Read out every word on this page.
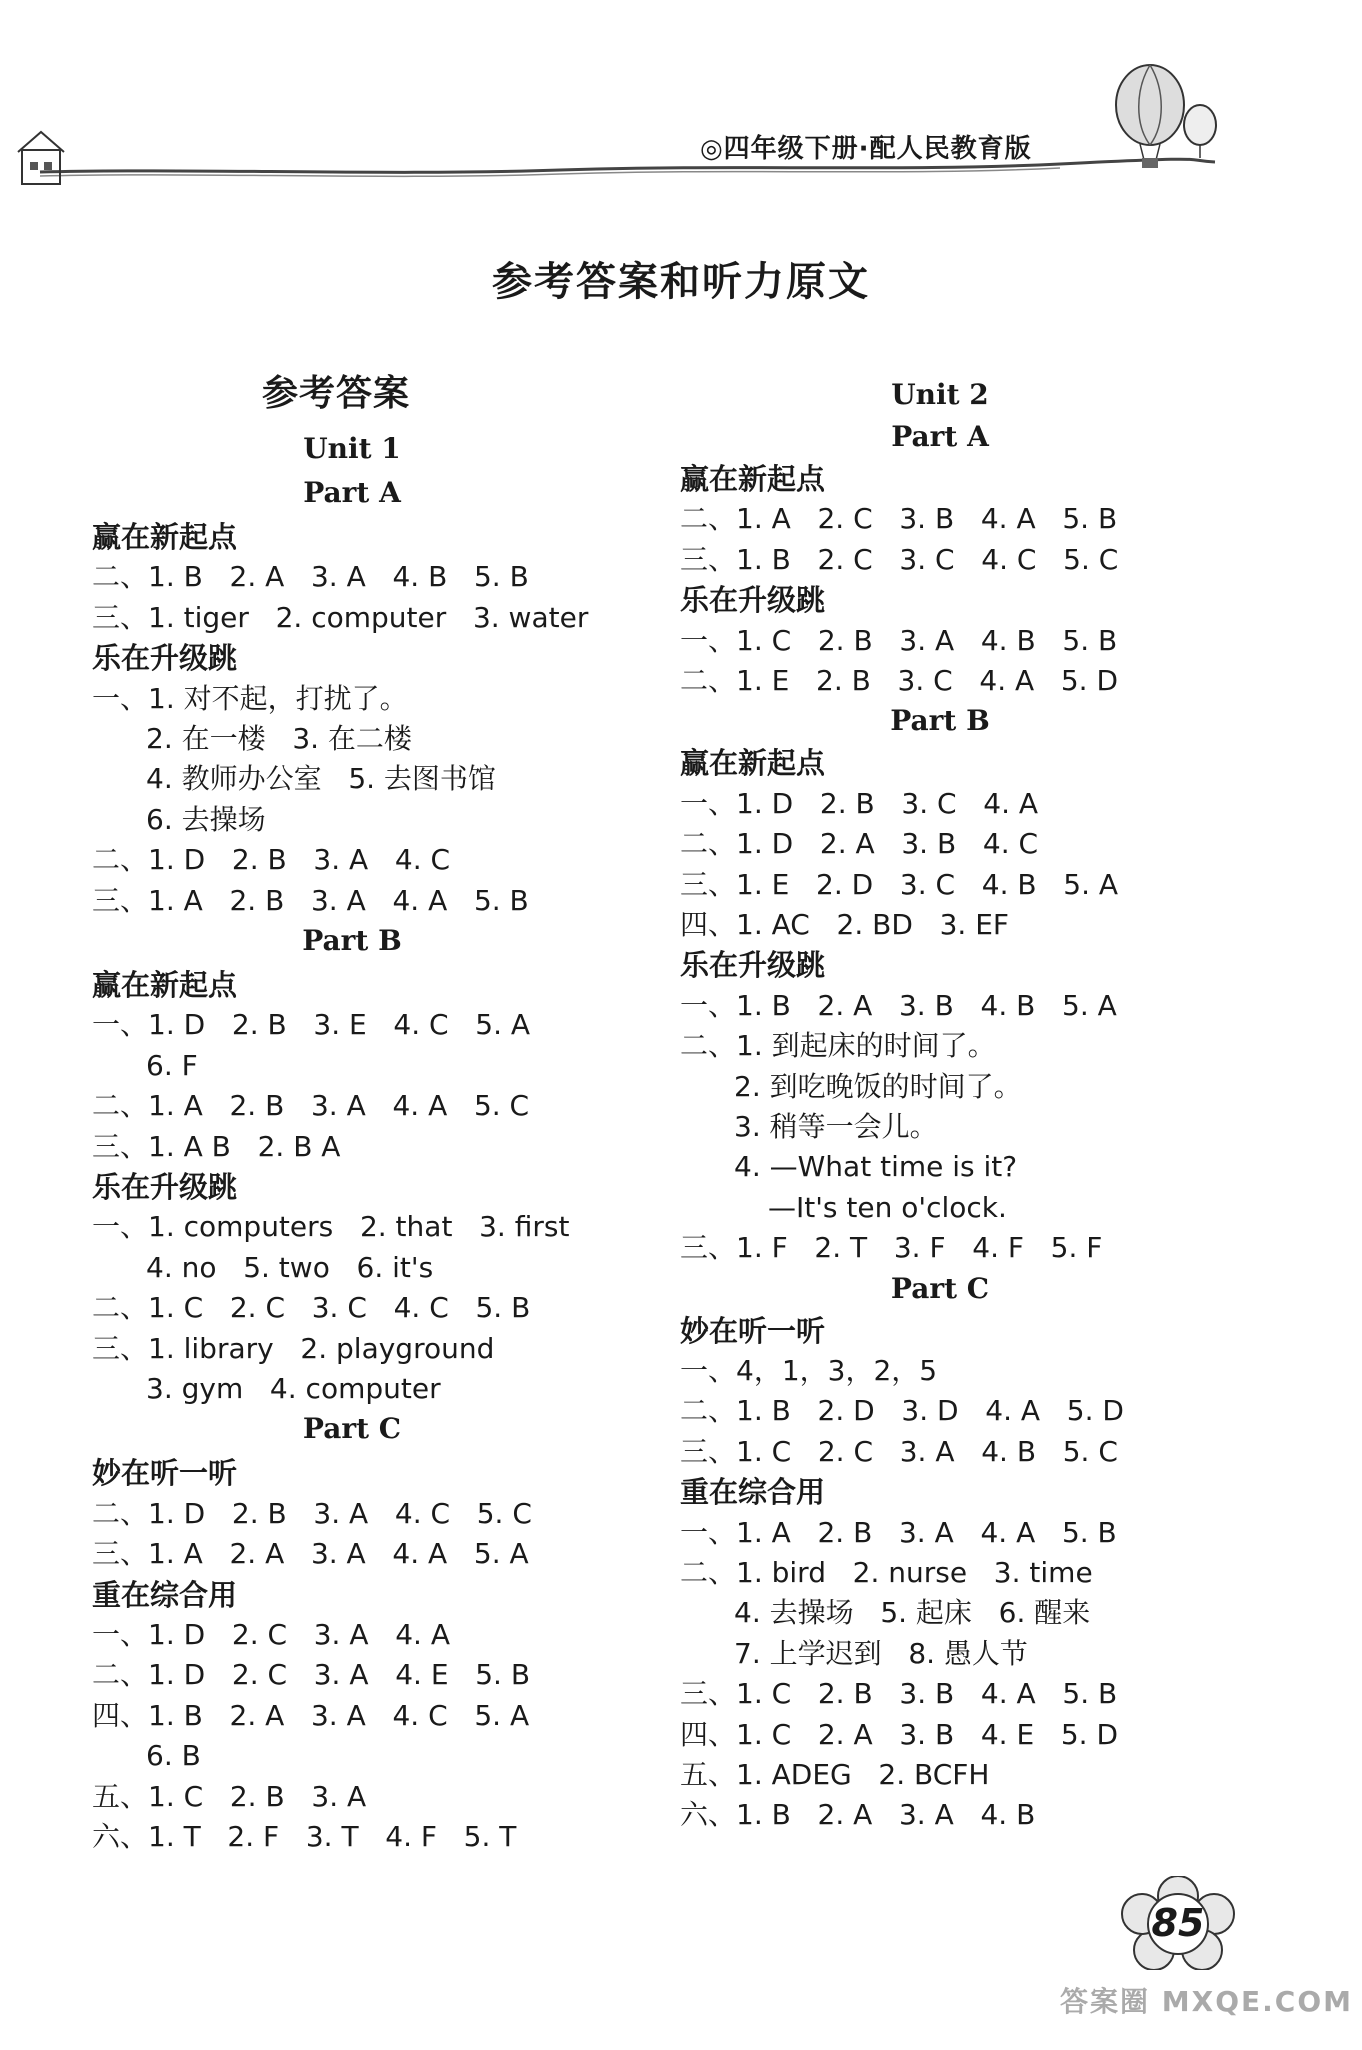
◎四年级下册·配人民教育版
参考答案和听力原文
参考答案
Unit 1
Part A
赢在新起点
二、1. B   2. A   3. A   4. B   5. B
三、1. tiger   2. computer   3. water
乐在升级跳
一、1. 对不起，打扰了。
2. 在一楼   3. 在二楼
4. 教师办公室   5. 去图书馆
6. 去操场
二、1. D   2. B   3. A   4. C
三、1. A   2. B   3. A   4. A   5. B
Part B
赢在新起点
一、1. D   2. B   3. E   4. C   5. A
6. F
二、1. A   2. B   3. A   4. A   5. C
三、1. A B   2. B A
乐在升级跳
一、1. computers   2. that   3. first
4. no   5. two   6. it's
二、1. C   2. C   3. C   4. C   5. B
三、1. library   2. playground
3. gym   4. computer
Part C
妙在听一听
二、1. D   2. B   3. A   4. C   5. C
三、1. A   2. A   3. A   4. A   5. A
重在综合用
一、1. D   2. C   3. A   4. A
二、1. D   2. C   3. A   4. E   5. B
四、1. B   2. A   3. A   4. C   5. A
6. B
五、1. C   2. B   3. A
六、1. T   2. F   3. T   4. F   5. T
Unit 2
Part A
赢在新起点
二、1. A   2. C   3. B   4. A   5. B
三、1. B   2. C   3. C   4. C   5. C
乐在升级跳
一、1. C   2. B   3. A   4. B   5. B
二、1. E   2. B   3. C   4. A   5. D
Part B
赢在新起点
一、1. D   2. B   3. C   4. A
二、1. D   2. A   3. B   4. C
三、1. E   2. D   3. C   4. B   5. A
四、1. AC   2. BD   3. EF
乐在升级跳
一、1. B   2. A   3. B   4. B   5. A
二、1. 到起床的时间了。
2. 到吃晚饭的时间了。
3. 稍等一会儿。
4. —What time is it?
—It's ten o'clock.
三、1. F   2. T   3. F   4. F   5. F
Part C
妙在听一听
一、4，1，3，2，5
二、1. B   2. D   3. D   4. A   5. D
三、1. C   2. C   3. A   4. B   5. C
重在综合用
一、1. A   2. B   3. A   4. A   5. B
二、1. bird   2. nurse   3. time
4. 去操场   5. 起床   6. 醒来
7. 上学迟到   8. 愚人节
三、1. C   2. B   3. B   4. A   5. B
四、1. C   2. A   3. B   4. E   5. D
五、1. ADEG   2. BCFH
六、1. B   2. A   3. A   4. B
85
答案圈 MXQE.COM
